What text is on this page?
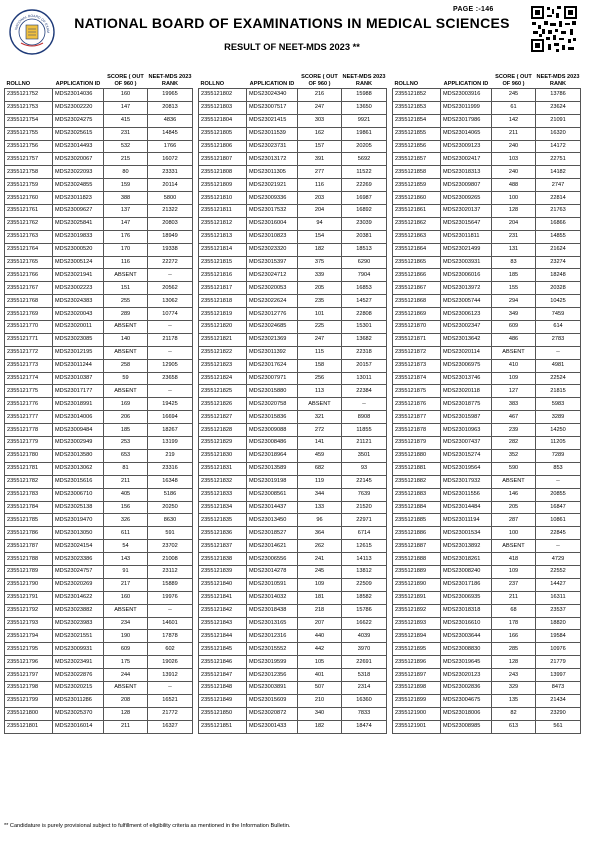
NATIONAL BOARD OF EXAM
PAGE :-146
NATIONAL BOARD OF EXAMINATIONS IN MEDICAL SCIENCES
RESULT OF NEET-MDS 2023 **
ROLLNO	APPLICATION ID	SCORE ( OUT OF 960 )	NEET-MDS 2023 RANK
2355121752	MDS23014036	160	19965
2355121753	MDS23002220	147	20813
2355121754	MDS23024275	415	4836
2355121755	MDS23025615	231	14845
2355121756	MDS23014493	532	1766
2355121757	MDS23020067	215	16072
2355121758	MDS23022093	80	23331
2355121759	MDS23024855	159	20114
2355121760	MDS23011823	388	5800
2355121761	MDS23009627	137	21322
2355121762	MDS23025841	147	20803
2355121763	MDS23019833	176	18949
2355121764	MDS23000520	170	19338
2355121765	MDS23005124	116	22272
2355121766	MDS23021941	ABSENT	--
2355121767	MDS23002223	151	20562
2355121768	MDS23024383	255	13062
2355121769	MDS23020043	289	10774
2355121770	MDS23020011	ABSENT	--
2355121771	MDS23023085	140	21178
2355121772	MDS23012195	ABSENT	--
2355121773	MDS23011244	258	12905
2355121774	MDS23010387	59	23658
2355121775	MDS23017177	ABSENT	--
2355121776	MDS23018991	169	19425
2355121777	MDS23014006	206	16694
2355121778	MDS23009484	185	18267
2355121779	MDS23002949	253	13199
2355121780	MDS23013580	653	219
2355121781	MDS23013062	81	23316
2355121782	MDS23015616	211	16348
2355121783	MDS23006710	405	5186
2355121784	MDS23025138	156	20250
2355121785	MDS23019470	326	8630
2355121786	MDS23013050	611	591
2355121787	MDS23024154	54	23702
2355121788	MDS23023386	143	21008
2355121789	MDS23024757	91	23112
2355121790	MDS23020269	217	15889
2355121791	MDS23014622	160	19976
2355121792	MDS23023882	ABSENT	--
2355121793	MDS23023983	234	14601
2355121794	MDS23021551	190	17878
2355121795	MDS23009931	609	602
2355121796	MDS23023491	175	19026
2355121797	MDS23022876	244	13912
2355121798	MDS23020215	ABSENT	--
2355121799	MDS23011286	208	16521
2355121800	MDS23025370	128	21772
2355121801	MDS23016014	211	16327
ROLLNO	APPLICATION ID	SCORE ( OUT OF 960 )	NEET-MDS 2023 RANK
2355121802	MDS23024340	216	15988
2355121803	MDS23007517	247	13650
2355121804	MDS23021415	303	9921
2355121805	MDS23011539	162	19861
2355121806	MDS23023731	157	20205
2355121807	MDS23013172	391	5692
2355121808	MDS23011305	277	11522
2355121809	MDS23021921	116	22269
2355121810	MDS23009336	203	16987
2355121811	MDS23017532	204	16892
2355121812	MDS23016004	94	23039
2355121813	MDS23010823	154	20381
2355121814	MDS23023320	182	18513
2355121815	MDS23015397	375	6290
2355121816	MDS23024712	339	7904
2355121817	MDS23020053	205	16853
2355121818	MDS23022624	235	14527
2355121819	MDS23012776	101	22808
2355121820	MDS23024685	225	15301
2355121821	MDS23021369	247	13682
2355121822	MDS23011392	115	22318
2355121823	MDS23017624	158	20157
2355121824	MDS23007971	256	13011
2355121825	MDS23015880	113	22384
2355121826	MDS23020758	ABSENT	--
2355121827	MDS23015836	321	8908
2355121828	MDS23009088	272	11855
2355121829	MDS23008486	141	21121
2355121830	MDS23018964	459	3501
2355121831	MDS23013589	682	93
2355121832	MDS23019198	119	22145
2355121833	MDS23008561	344	7639
2355121834	MDS23014437	133	21520
2355121835	MDS23013450	96	22971
2355121836	MDS23018527	364	6714
2355121837	MDS23014621	262	12615
2355121838	MDS23006556	241	14113
2355121839	MDS23014278	245	13812
2355121840	MDS23010591	109	22509
2355121841	MDS23014032	181	18582
2355121842	MDS23018438	218	15786
2355121843	MDS23013165	207	16622
2355121844	MDS23012316	440	4039
2355121845	MDS23015552	442	3970
2355121846	MDS23019599	105	22691
2355121847	MDS23012356	401	5318
2355121848	MDS23003891	507	2314
2355121849	MDS23015609	210	16360
2355121850	MDS23020872	340	7833
2355121851	MDS23001433	182	18474
ROLLNO	APPLICATION ID	SCORE ( OUT OF 960 )	NEET-MDS 2023 RANK
2355121852	MDS23003916	245	13786
2355121853	MDS23011999	61	23624
2355121854	MDS23017986	142	21091
2355121855	MDS23014065	211	16320
2355121856	MDS23009123	240	14172
2355121857	MDS23002417	103	22751
2355121858	MDS23018313	240	14182
2355121859	MDS23009807	488	2747
2355121860	MDS23009265	100	22814
2355121861	MDS23020137	128	21763
2355121862	MDS23015647	204	16866
2355121863	MDS23011811	231	14855
2355121864	MDS23021499	131	21624
2355121865	MDS23003931	83	23274
2355121866	MDS23006016	185	18248
2355121867	MDS23013972	155	20328
2355121868	MDS23005744	294	10425
2355121869	MDS23006123	349	7459
2355121870	MDS23002347	609	614
2355121871	MDS23013642	486	2783
2355121872	MDS23020114	ABSENT	--
2355121873	MDS23006975	410	4981
2355121874	MDS23013746	109	22524
2355121875	MDS23020118	127	21815
2355121876	MDS23018775	383	5983
2355121877	MDS23015987	467	3289
2355121878	MDS23010963	239	14250
2355121879	MDS23007437	282	11205
2355121880	MDS23015274	352	7289
2355121881	MDS23019564	590	853
2355121882	MDS23017932	ABSENT	--
2355121883	MDS23011556	146	20855
2355121884	MDS23014484	205	16847
2355121885	MDS23011194	287	10861
2355121886	MDS23001534	100	22845
2355121887	MDS23013892	ABSENT	--
2355121888	MDS23018261	418	4729
2355121889	MDS23008240	109	22552
2355121890	MDS23017186	237	14427
2355121891	MDS23006935	211	16311
2355121892	MDS23018318	68	23537
2355121893	MDS23016610	178	18820
2355121894	MDS23003644	166	19584
2355121895	MDS23008830	285	10976
2355121896	MDS23019645	128	21779
2355121897	MDS23020123	243	13997
2355121898	MDS23002836	329	8473
2355121899	MDS23004675	135	21434
2355121900	MDS23018006	82	23290
2355121901	MDS23008985	613	561
** Candidature is purely provisional subject to fulfillment of eligibility criteria as mentioned in the Information Bulletin.
